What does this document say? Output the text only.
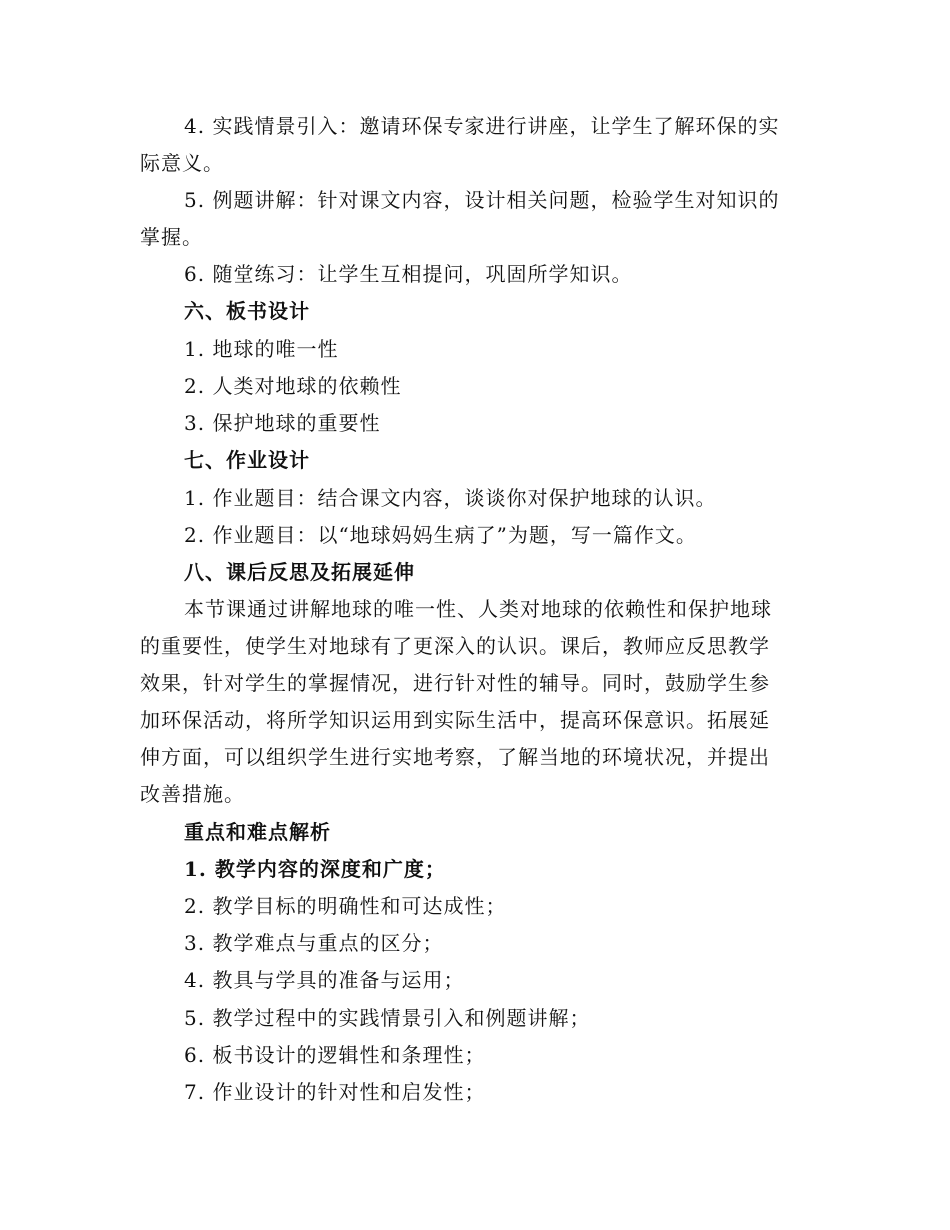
4. 实践情景引入：邀请环保专家进行讲座，让学生了解环保的实
际意义。
5. 例题讲解：针对课文内容，设计相关问题，检验学生对知识的
掌握。
6. 随堂练习：让学生互相提问，巩固所学知识。
六、板书设计
1. 地球的唯一性
2. 人类对地球的依赖性
3. 保护地球的重要性
七、作业设计
1. 作业题目：结合课文内容，谈谈你对保护地球的认识。
2. 作业题目：以“地球妈妈生病了”为题，写一篇作文。
八、课后反思及拓展延伸
本节课通过讲解地球的唯一性、人类对地球的依赖性和保护地球
的重要性，使学生对地球有了更深入的认识。课后，教师应反思教学
效果，针对学生的掌握情况，进行针对性的辅导。同时，鼓励学生参
加环保活动，将所学知识运用到实际生活中，提高环保意识。拓展延
伸方面，可以组织学生进行实地考察，了解当地的环境状况，并提出
改善措施。
重点和难点解析
1. 教学内容的深度和广度；
2. 教学目标的明确性和可达成性；
3. 教学难点与重点的区分；
4. 教具与学具的准备与运用；
5. 教学过程中的实践情景引入和例题讲解；
6. 板书设计的逻辑性和条理性；
7. 作业设计的针对性和启发性；
